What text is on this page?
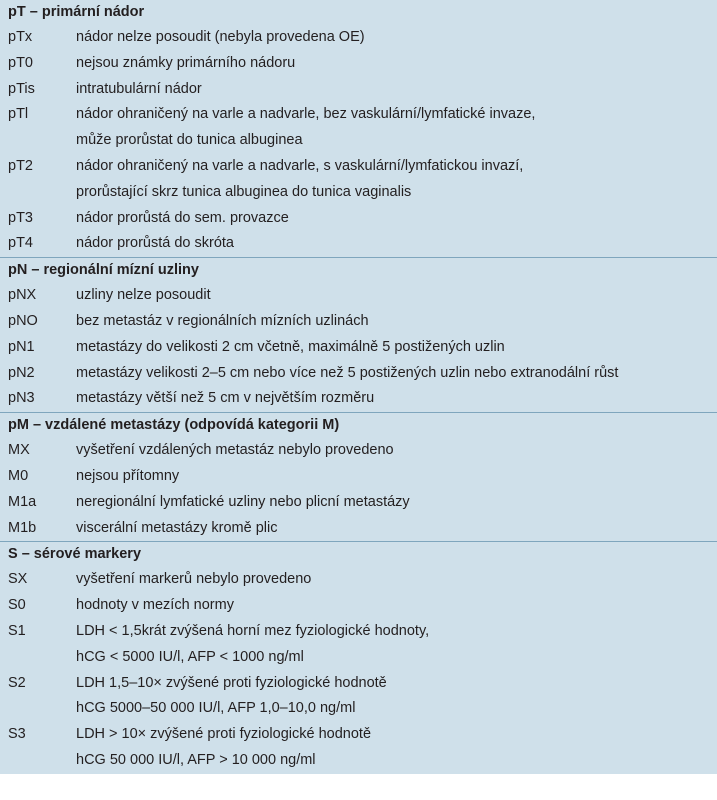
pT – primární nádor
pTx	nádor nelze posoudit (nebyla provedena OE)
pT0	nejsou známky primárního nádoru
pTis	intratubulární nádor
pTl	nádor ohraničený na varle a nadvarle, bez vaskulární/lymfatické invaze,
může prorůstat do tunica albuginea
pT2	nádor ohraničený na varle a nadvarle, s vaskulární/lymfatickou invazí,
prorůstající skrz tunica albuginea do tunica vaginalis
pT3	nádor prorůstá do sem. provazce
pT4	nádor prorůstá do skróta
pN – regionální mízní uzliny
pNX	uzliny nelze posoudit
pNO	bez metastáz v regionálních mízních uzlinách
pN1	metastázy do velikosti 2 cm včetně, maximálně 5 postižených uzlin
pN2	metastázy velikosti 2–5 cm nebo více než 5 postižených uzlin nebo extranodální růst
pN3	metastázy větší než 5 cm v největším rozměru
pM – vzdálené metastázy (odpovídá kategorii M)
MX	vyšetření vzdálených metastáz nebylo provedeno
M0	nejsou přítomny
M1a	neregionální lymfatické uzliny nebo plicní metastázy
M1b	viscerální metastázy kromě plic
S – sérové markery
SX	vyšetření markerů nebylo provedeno
S0	hodnoty v mezích normy
S1	LDH < 1,5krát zvýšená horní mez fyziologické hodnoty,
hCG < 5000 IU/l, AFP < 1000 ng/ml
S2	LDH 1,5–10× zvýšené proti fyziologické hodnotě
hCG 5000–50 000 IU/l, AFP 1,0–10,0 ng/ml
S3	LDH > 10× zvýšené proti fyziologické hodnotě
hCG 50 000 IU/l, AFP > 10 000 ng/ml
